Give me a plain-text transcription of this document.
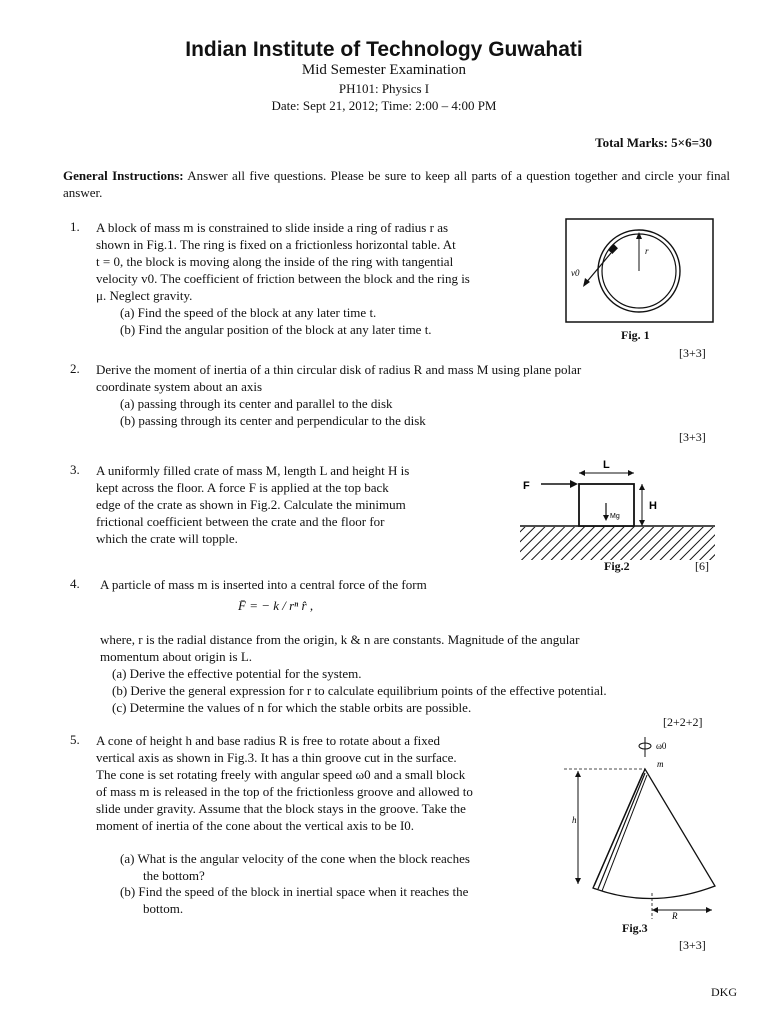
Indian Institute of Technology Guwahati
Mid Semester Examination
PH101: Physics I
Date: Sept 21, 2012; Time: 2:00 – 4:00 PM
Total Marks: 5×6=30
General Instructions: Answer all five questions. Please be sure to keep all parts of a question together and circle your final answer.
1. A block of mass m is constrained to slide inside a ring of radius r as
shown in Fig.1. The ring is fixed on a frictionless horizontal table. At
t = 0, the block is moving along the inside of the ring with tangential
velocity v0. The coefficient of friction between the block and the ring is
μ. Neglect gravity.
(a) Find the speed of the block at any later time t.
(b) Find the angular position of the block at any later time t.
r
v0
Fig. 1
[3+3]
2. Derive the moment of inertia of a thin circular disk of radius R and mass M using plane polar
coordinate system about an axis
(a) passing through its center and parallel to the disk
(b) passing through its center and perpendicular to the disk
[3+3]
3. A uniformly filled crate of mass M, length L and height H is
kept across the floor. A force F is applied at the top back
edge of the crate as shown in Fig.2. Calculate the minimum
frictional coefficient between the crate and the floor for
which the crate will topple.
F
L
H
Mg
Fig.2	[6]
4. A particle of mass m is inserted into a central force of the form
F̄ = − k / rⁿ r̂ ,
where, r is the radial distance from the origin, k & n are constants. Magnitude of the angular
momentum about origin is L.
(a) Derive the effective potential for the system.
(b) Derive the general expression for r to calculate equilibrium points of the effective potential.
(c) Determine the values of n for which the stable orbits are possible.
[2+2+2]
5. A cone of height h and base radius R is free to rotate about a fixed
vertical axis as shown in Fig.3. It has a thin groove cut in the surface.
The cone is set rotating freely with angular speed ω0 and a small block
of mass m is released in the top of the frictionless groove and allowed to
slide under gravity. Assume that the block stays in the groove. Take the
moment of inertia of the cone about the vertical axis to be I0.
(a) What is the angular velocity of the cone when the block reaches
the bottom?
(b) Find the speed of the block in inertial space when it reaches the
bottom.
ω0
m
h
R
Fig.3
[3+3]
DKG
